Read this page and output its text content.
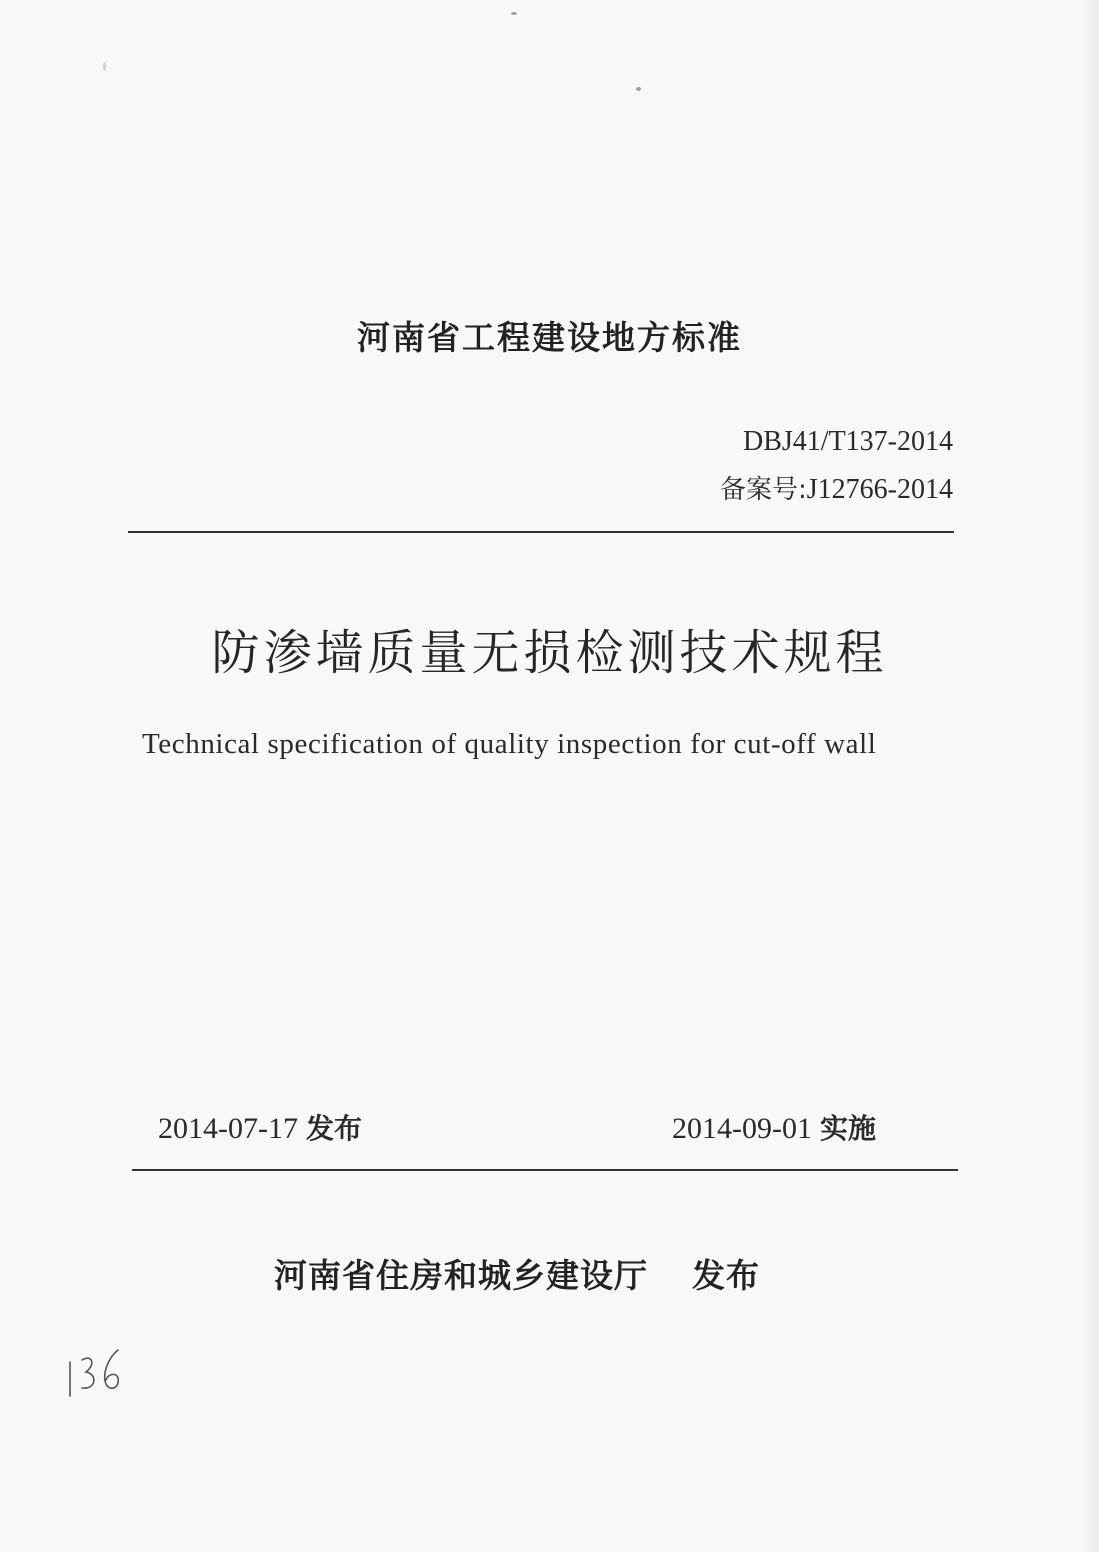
河南省工程建设地方标准
DBJ41/T137-2014
备案号:J12766-2014
防渗墙质量无损检测技术规程
Technical specification of quality inspection for cut-off wall
2014-07-17 发布	2014-09-01 实施
河南省住房和城乡建设厅 发布
